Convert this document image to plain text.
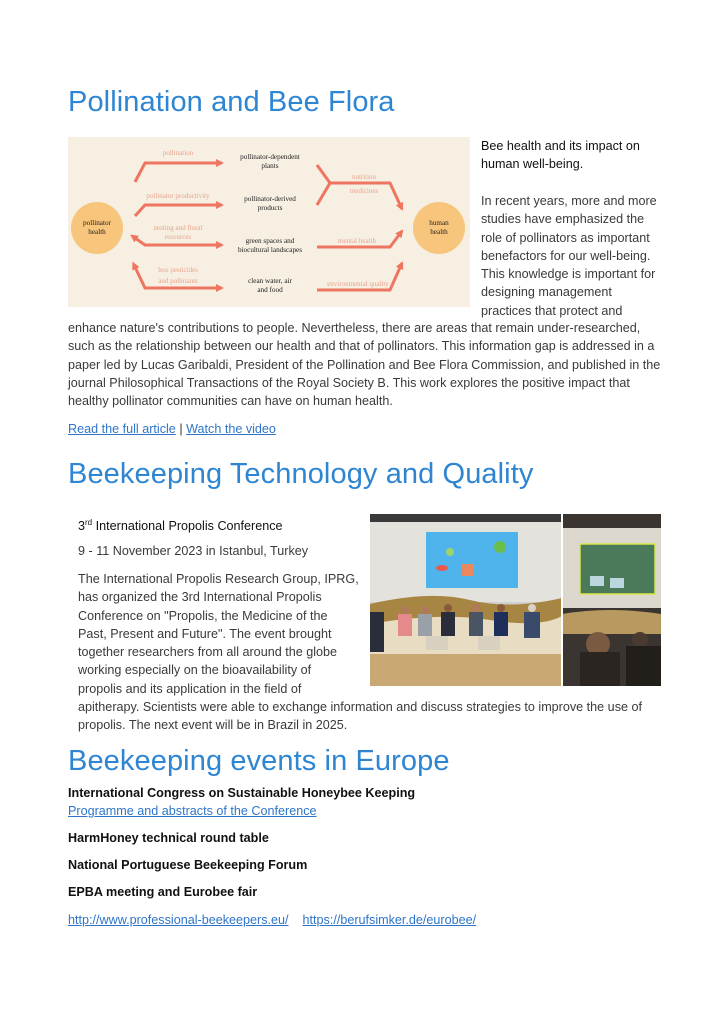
Pollination and Bee Flora
pollinator
health
human
health
pollinator-dependent
plants
pollinator-derived
products
green spaces and
biocultural landscapes
clean water, air
and food
pollination
pollinator productivity
nesting and floral
resources
less pesticides
and pollutants
nutrition
medicines
mental health
environmental quality

Bee health and its impact on human well-being.

In recent years, more and more
studies have emphasized the
role of pollinators as important
benefactors for our well-being.
This knowledge is important for
designing management
practices that protect and
enhance nature's contributions to people. Nevertheless, there are areas that remain under-researched,
such as the relationship between our health and that of pollinators. This information gap is addressed in a
paper led by Lucas Garibaldi, President of the Pollination and Bee Flora Commission, and published in the
journal Philosophical Transactions of the Royal Society B. This work explores the positive impact that
healthy pollinator communities can have on human health.
Read the full article | Watch the video
Beekeeping Technology and Quality
3rd International Propolis Conference
9 - 11 November 2023 in Istanbul, Turkey
The International Propolis Research Group, IPRG,
has organized the 3rd International Propolis
Conference on "Propolis, the Medicine of the
Past, Present and Future". The event brought
together researchers from all around the globe
working especially on the bioavailability of
propolis and its application in the field of
apitherapy. Scientists were able to exchange information and discuss strategies to improve the use of
propolis. The next event will be in Brazil in 2025.
Beekeeping events in Europe
International Congress on Sustainable Honeybee Keeping
Programme and abstracts of the Conference
HarmHoney technical round table
National Portuguese Beekeeping Forum
EPBA meeting and Eurobee fair
http://www.professional-beekeepers.eu/ https://berufsimker.de/eurobee/
